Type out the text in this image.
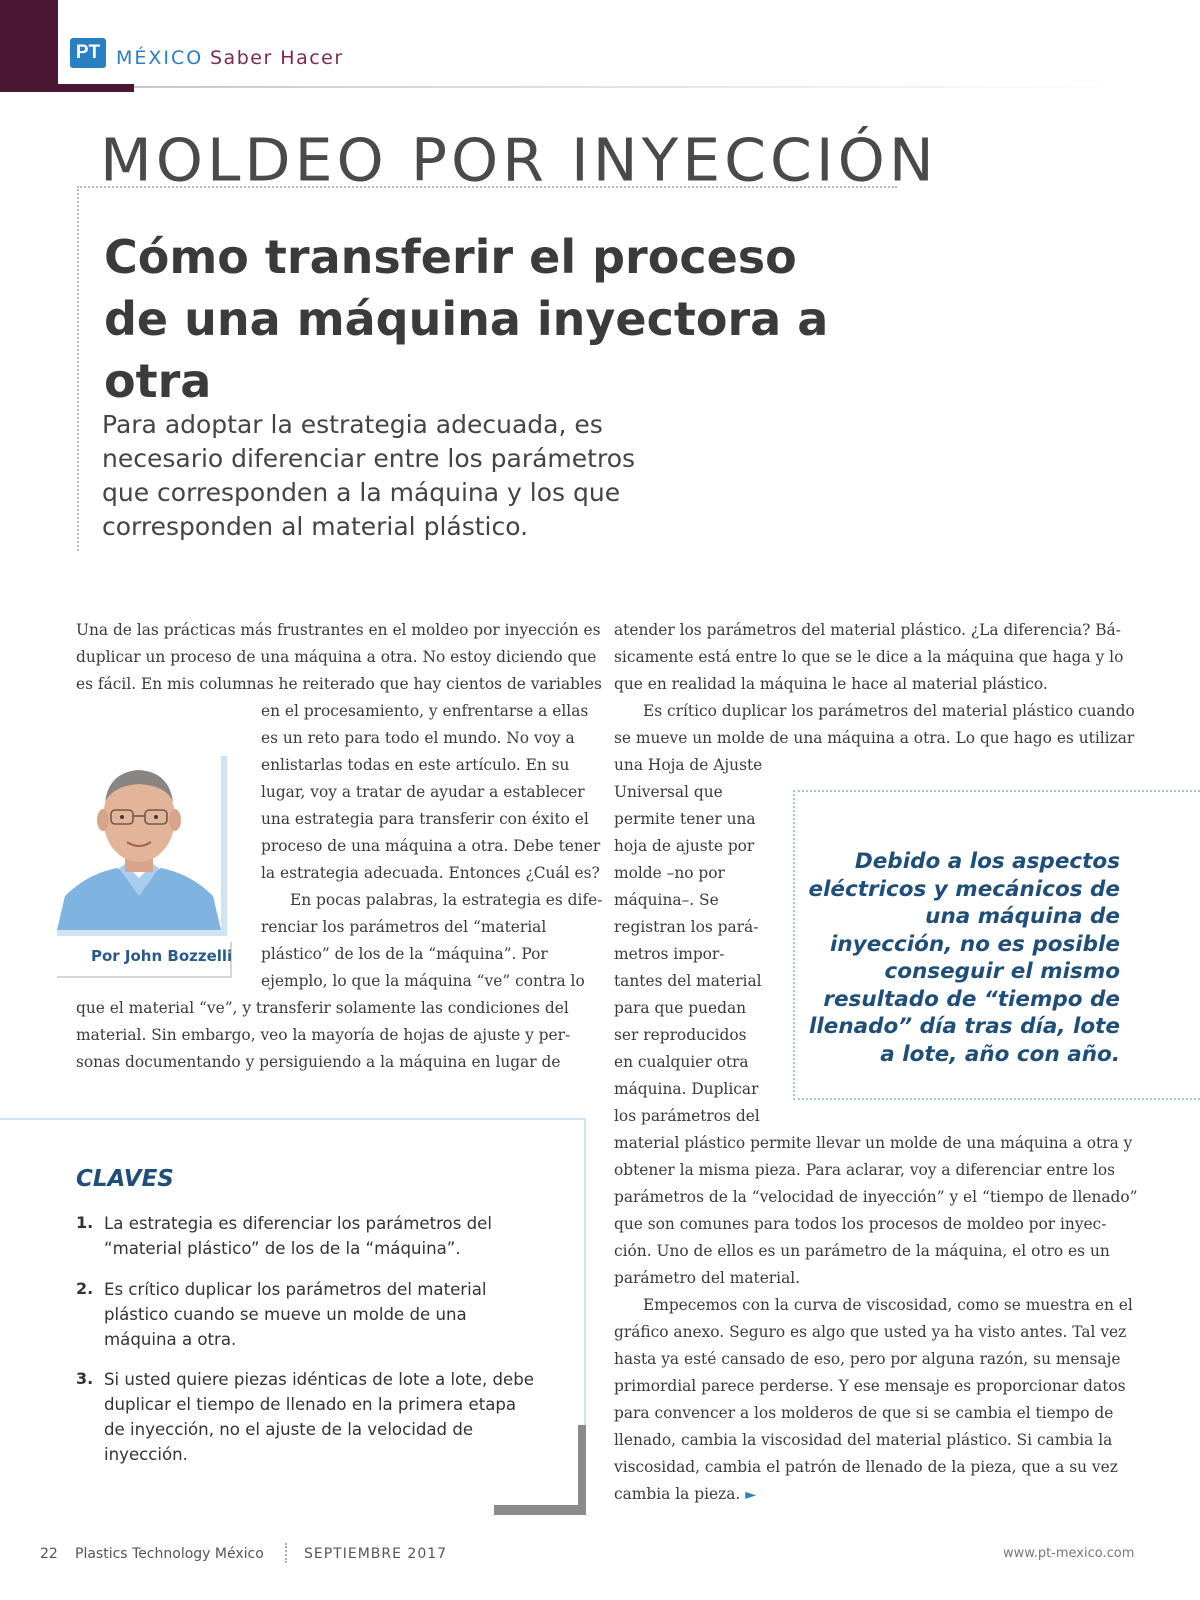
PT MÉXICO Saber Hacer
MOLDEO POR INYECCIÓN
Cómo transferir el proceso
de una máquina inyectora a otra
Para adoptar la estrategia adecuada, es necesario diferenciar entre los parámetros que corresponden a la máquina y los que corresponden al material plástico.
Una de las prácticas más frustrantes en el moldeo por inyección es
duplicar un proceso de una máquina a otra. No estoy diciendo que
es fácil. En mis columnas he reiterado que hay cientos de variables
en el procesamiento, y enfrentarse a ellas
es un reto para todo el mundo. No voy a
enlistarlas todas en este artículo. En su
lugar, voy a tratar de ayudar a establecer
una estrategia para transferir con éxito el
proceso de una máquina a otra. Debe tener
la estrategia adecuada. Entonces ¿Cuál es?
En pocas palabras, la estrategia es dife-
renciar los parámetros del “material
plástico” de los de la “máquina”. Por
ejemplo, lo que la máquina “ve” contra lo
que el material “ve”, y transferir solamente las condiciones del
material. Sin embargo, veo la mayoría de hojas de ajuste y per-
sonas documentando y persiguiendo a la máquina en lugar de
Por John Bozzelli
atender los parámetros del material plástico. ¿La diferencia? Bá-
sicamente está entre lo que se le dice a la máquina que haga y lo
que en realidad la máquina le hace al material plástico.
Es crítico duplicar los parámetros del material plástico cuando
se mueve un molde de una máquina a otra. Lo que hago es utilizar
una Hoja de Ajuste
Universal que
permite tener una
hoja de ajuste por
molde –no por
máquina–. Se
registran los pará-
metros impor-
tantes del material
para que puedan
ser reproducidos
en cualquier otra
máquina. Duplicar
los parámetros del
material plástico permite llevar un molde de una máquina a otra y
obtener la misma pieza. Para aclarar, voy a diferenciar entre los
parámetros de la “velocidad de inyección” y el “tiempo de llenado”
que son comunes para todos los procesos de moldeo por inyec-
ción. Uno de ellos es un parámetro de la máquina, el otro es un
parámetro del material.
Empecemos con la curva de viscosidad, como se muestra en el
gráfico anexo. Seguro es algo que usted ya ha visto antes. Tal vez
hasta ya esté cansado de eso, pero por alguna razón, su mensaje
primordial parece perderse. Y ese mensaje es proporcionar datos
para convencer a los molderos de que si se cambia el tiempo de
llenado, cambia la viscosidad del material plástico. Si cambia la
viscosidad, cambia el patrón de llenado de la pieza, que a su vez
cambia la pieza. ►
Debido a los aspectos eléctricos y mecánicos de una máquina de inyección, no es posible conseguir el mismo resultado de “tiempo de llenado” día tras día, lote a lote, año con año.
CLAVES
1. La estrategia es diferenciar los parámetros del “material plástico” de los de la “máquina”.
2. Es crítico duplicar los parámetros del material plástico cuando se mueve un molde de una máquina a otra.
3. Si usted quiere piezas idénticas de lote a lote, debe duplicar el tiempo de llenado en la primera etapa de inyección, no el ajuste de la velocidad de inyección.
22 Plastics Technology México	SEPTIEMBRE 2017	www.pt-mexico.com
